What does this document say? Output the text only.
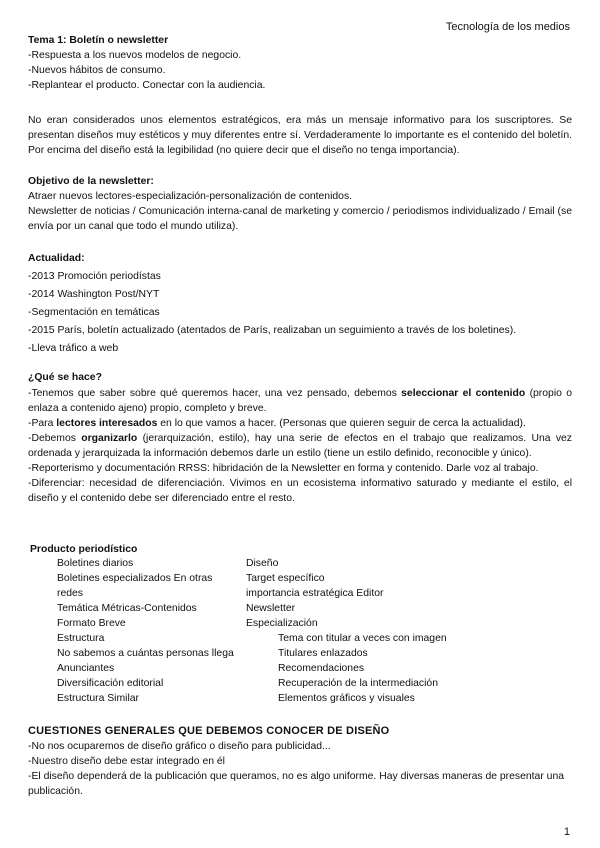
Tecnología de los medios

Tema 1: Boletín o newsletter

-Respuesta a los nuevos modelos de negocio.

-Nuevos hábitos de consumo.

-Replantear el producto. Conectar con la audiencia.

No eran considerados unos elementos estratégicos, era más un mensaje informativo para los suscriptores. Se presentan diseños muy estéticos y muy diferentes entre sí. Verdaderamente lo importante es el contenido del boletín. Por encima del diseño está la legibilidad (no quiere decir que el diseño no tenga importancia).

Objetivo de la newsletter:

Atraer nuevos lectores-especialización-personalización de contenidos.

Newsletter de noticias / Comunicación interna-canal de marketing y comercio / periodismos individualizado / Email (se envía por un canal que todo el mundo utiliza).

Actualidad:

-2013 Promoción periodístas

-2014 Washington Post/NYT

-Segmentación en temáticas

-2015 París, boletín actualizado (atentados de París, realizaban un seguimiento a través de los boletines).

-Lleva tráfico a web

¿Qué se hace?

-Tenemos que saber sobre qué queremos hacer, una vez pensado, debemos seleccionar el contenido (propio o enlaza a contenido ajeno) propio, completo y breve.

-Para lectores interesados en lo que vamos a hacer. (Personas que quieren seguir de cerca la actualidad).

-Debemos organizarlo (jerarquización, estilo), hay una serie de efectos en el trabajo que realizamos. Una vez ordenada y jerarquizada la información debemos darle un estilo (tiene un estilo definido, reconocible y único).

-Reporterismo y documentación RRSS: hibridación de la Newsletter en forma y contenido. Darle voz al trabajo.

-Diferenciar: necesidad de diferenciación. Vivimos en un ecosistema informativo saturado y mediante el estilo, el diseño y el contenido debe ser diferenciado entre el resto.

Producto periodístico
Boletines diarios
Boletines especializados En otras
redes
Temática Métricas-Contenidos
Formato Breve
Estructura
No sabemos a cuántas personas llega
Anunciantes
Diversificación editorial
Estructura Similar
Diseño
Target específico
importancia estratégica Editor
Newsletter
Especialización
Tema con titular a veces con imagen
Titulares enlazados
Recomendaciones
Recuperación de la intermediación
Elementos gráficos y visuales

CUESTIONES GENERALES QUE DEBEMOS CONOCER DE DISEÑO

-No nos ocuparemos de diseño gráfico o diseño para publicidad...

-Nuestro diseño debe estar integrado en él

-El diseño dependerá de la publicación que queramos, no es algo uniforme. Hay diversas maneras de presentar una publicación.

1
